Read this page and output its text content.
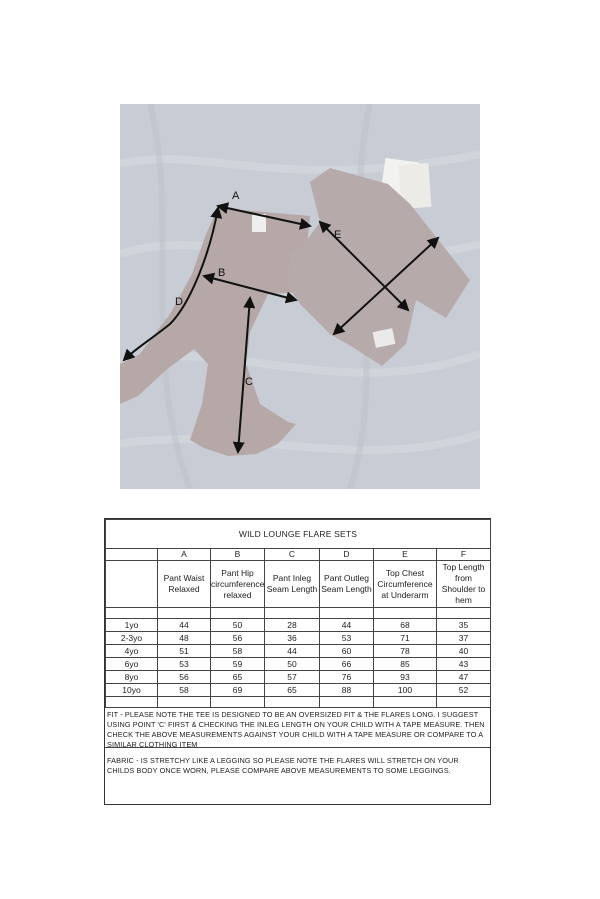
A
B
C
D
E
F
WILD LOUNGE FLARE SETS						
	A	B	C	D	E	F
	Pant Waist Relaxed	Pant Hip circumference relaxed	Pant Inleg Seam Length	Pant Outleg Seam Length	Top Chest Circumference at Underarm	Top Length from Shoulder to hem

1yo	44	50	28	44	68	35
2-3yo	48	56	36	53	71	37
4yo	51	58	44	60	78	40
6yo	53	59	50	66	85	43
8yo	56	65	57	76	93	47
10yo	58	69	65	88	100	52

FIT - PLEASE NOTE THE TEE IS DESIGNED TO BE AN OVERSIZED FIT & THE FLARES LONG. I SUGGEST USING POINT 'C' FIRST & CHECKING THE INLEG LENGTH ON YOUR CHILD WITH A TAPE MEASURE. THEN CHECK THE ABOVE MEASUREMENTS AGAINST YOUR CHILD WITH A TAPE MEASURE OR COMPARE TO A SIMILAR CLOTHING ITEM
FABRIC - IS STRETCHY LIKE A LEGGING SO PLEASE NOTE THE FLARES WILL STRETCH ON YOUR CHILDS BODY ONCE WORN, PLEASE COMPARE ABOVE MEASUREMENTS TO SOME LEGGINGS.
